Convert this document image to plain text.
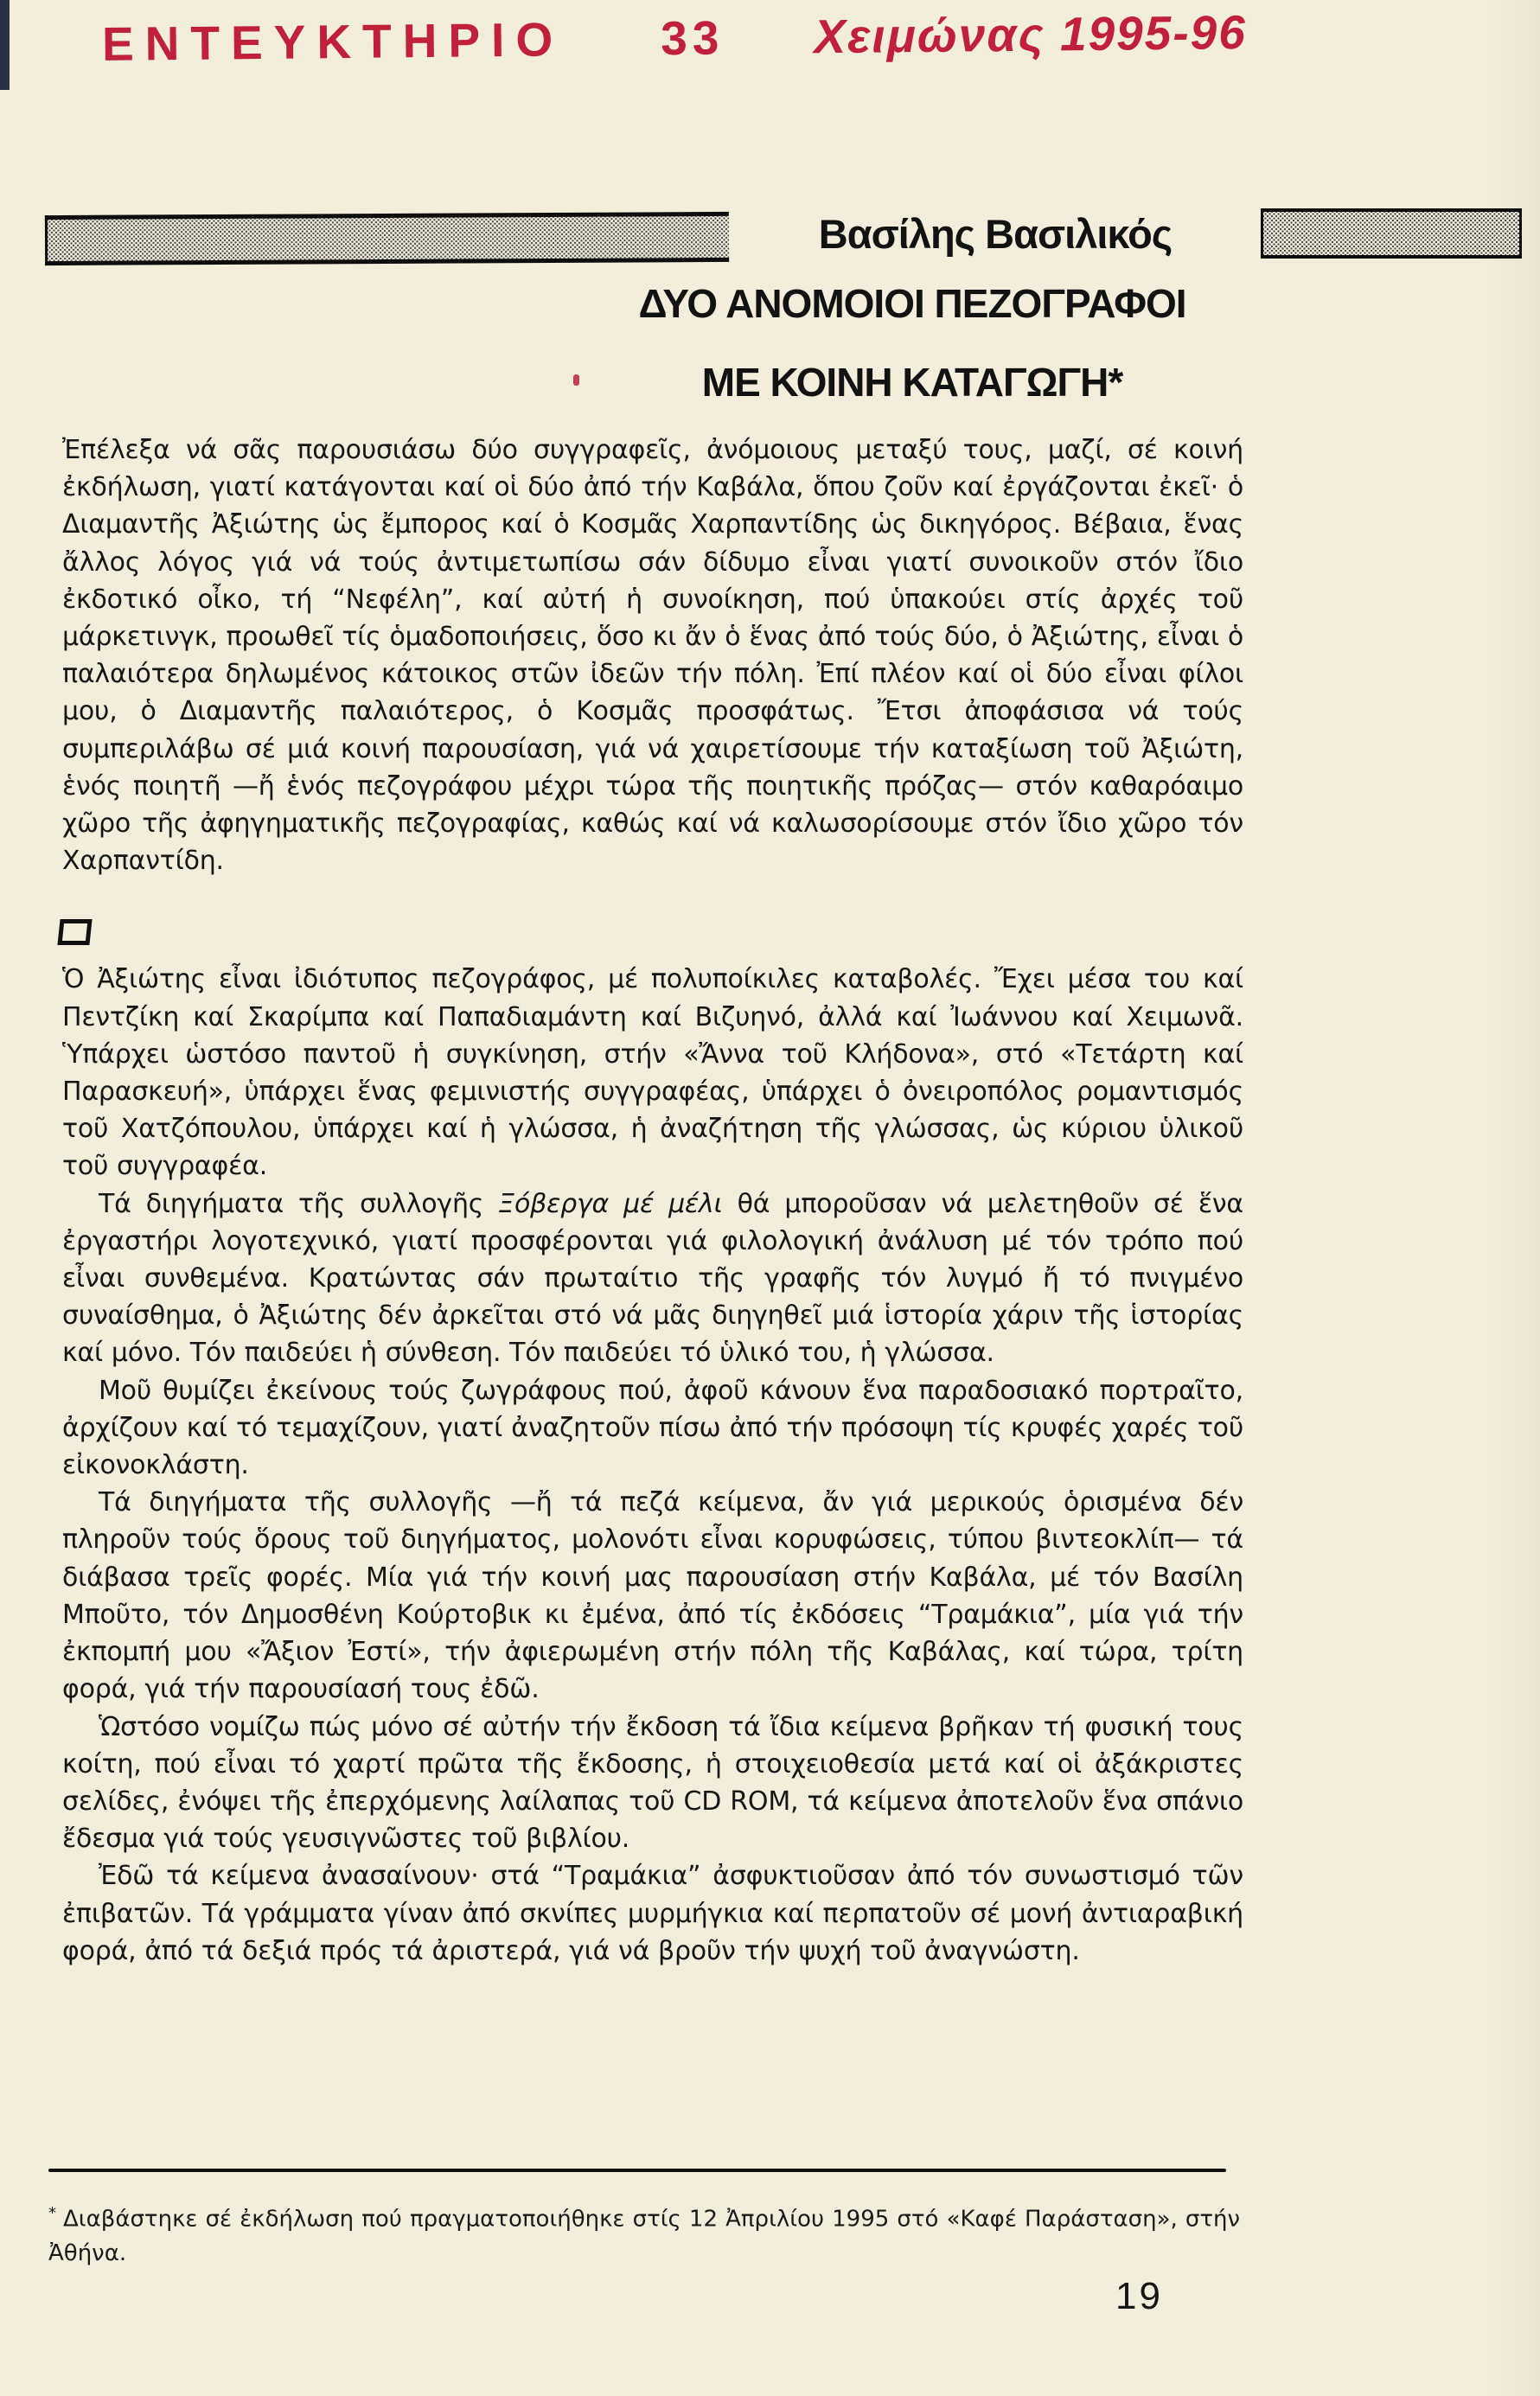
ΕΝΤΕΥΚΤΗΡΙΟ 33 Χειμώνας 1995-96
Βασίλης Βασιλικός
ΔΥΟ ΑΝΟΜΟΙΟΙ ΠΕΖΟΓΡΑΦΟΙ
ΜΕ ΚΟΙΝΗ ΚΑΤΑΓΩΓΗ*

Ἐπέλεξα νά σᾶς παρουσιάσω δύο συγγραφεῖς, ἀνόμοιους μεταξύ τους, μαζί, σέ κοινή ἐκδήλωση, γιατί κατάγονται καί οἱ δύο ἀπό τήν Καβάλα, ὅπου ζοῦν καί ἐργάζονται ἐκεῖ· ὁ Διαμαντῆς Ἀξιώτης ὡς ἔμπορος καί ὁ Κοσμᾶς Χαρπαντίδης ὡς δικηγόρος. Βέβαια, ἕνας ἄλλος λόγος γιά νά τούς ἀντιμετωπίσω σάν δίδυμο εἶναι γιατί συνοικοῦν στόν ἴδιο ἐκδοτικό οἶκο, τή “Νεφέλη”, καί αὐτή ἡ συνοίκηση, πού ὑπακούει στίς ἀρχές τοῦ μάρκετινγκ, προωθεῖ τίς ὁμαδοποιήσεις, ὅσο κι ἄν ὁ ἕνας ἀπό τούς δύο, ὁ Ἀξιώτης, εἶναι ὁ παλαιότερα δηλωμένος κάτοικος στῶν ἰδεῶν τήν πόλη. Ἐπί πλέον καί οἱ δύο εἶναι φίλοι μου, ὁ Διαμαντῆς παλαιότερος, ὁ Κοσμᾶς προσφάτως. Ἔτσι ἀποφάσισα νά τούς συμπεριλάβω σέ μιά κοινή παρουσίαση, γιά νά χαιρετίσουμε τήν καταξίωση τοῦ Ἀξιώτη, ἑνός ποιητῆ —ἤ ἑνός πεζογράφου μέχρι τώρα τῆς ποιητικῆς πρόζας— στόν καθαρόαιμο χῶρο τῆς ἀφηγηματικῆς πεζογραφίας, καθώς καί νά καλωσορίσουμε στόν ἴδιο χῶρο τόν Χαρπαντίδη.

Ὁ Ἀξιώτης εἶναι ἰδιότυπος πεζογράφος, μέ πολυποίκιλες καταβολές. Ἔχει μέσα του καί Πεντζίκη καί Σκαρίμπα καί Παπαδιαμάντη καί Βιζυηνό, ἀλλά καί Ἰωάννου καί Χειμωνᾶ. Ὑπάρχει ὡστόσο παντοῦ ἡ συγκίνηση, στήν «Ἄννα τοῦ Κλήδονα», στό «Τετάρτη καί Παρασκευή», ὑπάρχει ἕνας φεμινιστής συγγραφέας, ὑπάρχει ὁ ὀνειροπόλος ρομαντισμός τοῦ Χατζόπουλου, ὑπάρχει καί ἡ γλώσσα, ἡ ἀναζήτηση τῆς γλώσσας, ὡς κύριου ὑλικοῦ τοῦ συγγραφέα.

Τά διηγήματα τῆς συλλογῆς Ξόβεργα μέ μέλι θά μποροῦσαν νά μελετηθοῦν σέ ἕνα ἐργαστήρι λογοτεχνικό, γιατί προσφέρονται γιά φιλολογική ἀνάλυση μέ τόν τρόπο πού εἶναι συνθεμένα. Κρατώντας σάν πρωταίτιο τῆς γραφῆς τόν λυγμό ἤ τό πνιγμένο συναίσθημα, ὁ Ἀξιώτης δέν ἀρκεῖται στό νά μᾶς διηγηθεῖ μιά ἱστορία χάριν τῆς ἱστορίας καί μόνο. Τόν παιδεύει ἡ σύνθεση. Τόν παιδεύει τό ὑλικό του, ἡ γλώσσα.

Μοῦ θυμίζει ἐκείνους τούς ζωγράφους πού, ἀφοῦ κάνουν ἕνα παραδοσιακό πορτραῖτο, ἀρχίζουν καί τό τεμαχίζουν, γιατί ἀναζητοῦν πίσω ἀπό τήν πρόσοψη τίς κρυφές χαρές τοῦ εἰκονοκλάστη.

Τά διηγήματα τῆς συλλογῆς —ἤ τά πεζά κείμενα, ἄν γιά μερικούς ὁρισμένα δέν πληροῦν τούς ὅρους τοῦ διηγήματος, μολονότι εἶναι κορυφώσεις, τύπου βιντεοκλίπ— τά διάβασα τρεῖς φορές. Μία γιά τήν κοινή μας παρουσίαση στήν Καβάλα, μέ τόν Βασίλη Μποῦτο, τόν Δημοσθένη Κούρτοβικ κι ἐμένα, ἀπό τίς ἐκδόσεις “Τραμάκια”, μία γιά τήν ἐκπομπή μου «Ἄξιον Ἐστί», τήν ἀφιερωμένη στήν πόλη τῆς Καβάλας, καί τώρα, τρίτη φορά, γιά τήν παρουσίασή τους ἐδῶ.

Ὡστόσο νομίζω πώς μόνο σέ αὐτήν τήν ἔκδοση τά ἴδια κείμενα βρῆκαν τή φυσική τους κοίτη, πού εἶναι τό χαρτί πρῶτα τῆς ἔκδοσης, ἡ στοιχειοθεσία μετά καί οἱ ἀξάκριστες σελίδες, ἐνόψει τῆς ἐπερχόμενης λαίλαπας τοῦ CD ROM, τά κείμενα ἀποτελοῦν ἕνα σπάνιο ἔδεσμα γιά τούς γευσιγνῶστες τοῦ βιβλίου.

Ἐδῶ τά κείμενα ἀνασαίνουν· στά “Τραμάκια” ἀσφυκτιοῦσαν ἀπό τόν συνωστισμό τῶν ἐπιβατῶν. Τά γράμματα γίναν ἀπό σκνίπες μυρμήγκια καί περπατοῦν σέ μονή ἀντιαραβική φορά, ἀπό τά δεξιά πρός τά ἀριστερά, γιά νά βροῦν τήν ψυχή τοῦ ἀναγνώστη.

* Διαβάστηκε σέ ἐκδήλωση πού πραγματοποιήθηκε στίς 12 Ἀπριλίου 1995 στό «Καφέ Παράσταση», στήν Ἀθήνα.
19
